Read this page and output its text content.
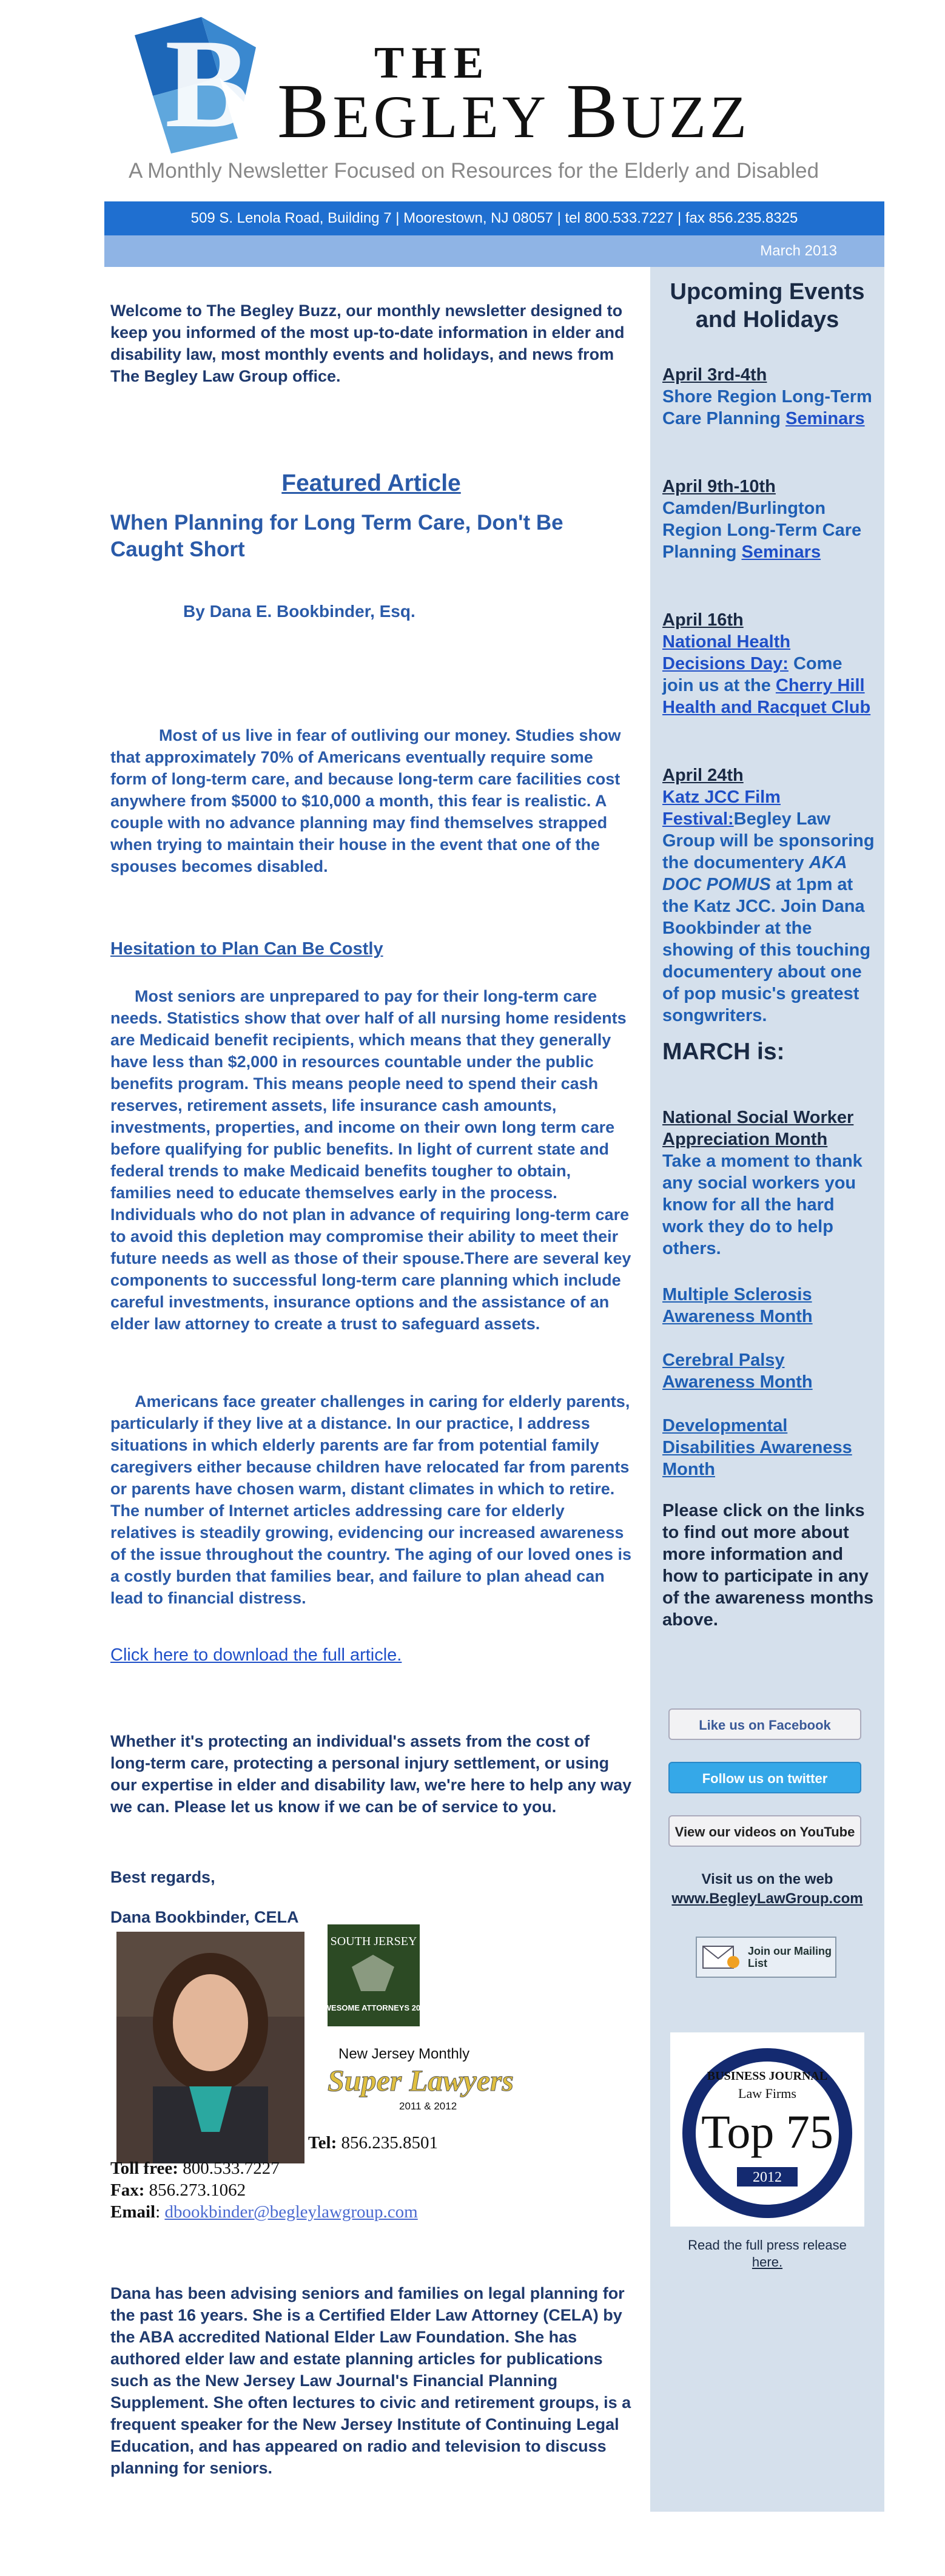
B	THE
BEGLEY BUZZ
A Monthly Newsletter Focused on Resources for the Elderly and Disabled
509 S. Lenola Road, Building 7 | Moorestown, NJ 08057 | tel 800.533.7227 | fax 856.235.8325
March 2013

Welcome to The Begley Buzz, our monthly newsletter designed to keep you informed of the most up-to-date information in elder and disability law, most monthly events and holidays, and news from The Begley Law Group office.

Featured Article
When Planning for Long Term Care, Don't Be Caught Short
By Dana E. Bookbinder, Esq.

Most of us live in fear of outliving our money. Studies show that approximately 70% of Americans eventually require some form of long-term care, and because long-term care facilities cost anywhere from $5000 to $10,000 a month, this fear is realistic. A couple with no advance planning may find themselves strapped when trying to maintain their house in the event that one of the spouses becomes disabled.

Hesitation to Plan Can Be Costly

Most seniors are unprepared to pay for their long-term care needs. Statistics show that over half of all nursing home residents are Medicaid benefit recipients, which means that they generally have less than $2,000 in resources countable under the public benefits program. This means people need to spend their cash reserves, retirement assets, life insurance cash amounts, investments, properties, and income on their own long term care before qualifying for public benefits. In light of current state and federal trends to make Medicaid benefits tougher to obtain, families need to educate themselves early in the process. Individuals who do not plan in advance of requiring long-term care to avoid this depletion may compromise their ability to meet their future needs as well as those of their spouse.There are several key components to successful long-term care planning which include careful investments, insurance options and the assistance of an elder law attorney to create a trust to safeguard assets.

Americans face greater challenges in caring for elderly parents, particularly if they live at a distance. In our practice, I address situations in which elderly parents are far from potential family caregivers either because children have relocated far from parents or parents have chosen warm, distant climates in which to retire. The number of Internet articles addressing care for elderly relatives is steadily growing, evidencing our increased awareness of the issue throughout the country. The aging of our loved ones is a costly burden that families bear, and failure to plan ahead can lead to financial distress.

Click here to download the full article.

Whether it's protecting an individual's assets from the cost of long-term care, protecting a personal injury settlement, or using our expertise in elder and disability law, we're here to help any way we can. Please let us know if we can be of service to you.

Best regards,
Dana Bookbinder, CELA
SOUTH JERSEY
AWESOME ATTORNEYS 2011
New Jersey Monthly
Super Lawyers
2011 & 2012
Tel: 856.235.8501
Toll free: 800.533.7227
Fax: 856.273.1062
Email: dbookbinder@begleylawgroup.com

Dana has been advising seniors and families on legal planning for the past 16 years. She is a Certified Elder Law Attorney (CELA) by the ABA accredited National Elder Law Foundation. She has authored elder law and estate planning articles for publications such as the New Jersey Law Journal's Financial Planning Supplement. She often lectures to civic and retirement groups, is a frequent speaker for the New Jersey Institute of Continuing Legal Education, and has appeared on radio and television to discuss planning for seniors.

Upcoming Events and Holidays
April 3rd-4th
Shore Region Long-Term Care Planning Seminars
April 9th-10th
Camden/Burlington Region Long-Term Care Planning Seminars
April 16th
National Health Decisions Day: Come join us at the Cherry Hill Health and Racquet Club
April 24th
Katz JCC Film Festival:Begley Law Group will be sponsoring the documentery AKA DOC POMUS at 1pm at the Katz JCC. Join Dana Bookbinder at the showing of this touching documentery about one of pop music's greatest songwriters.
MARCH is:
National Social Worker Appreciation Month
Take a moment to thank any social workers you know for all the hard work they do to help others.
Multiple Sclerosis Awareness Month
Cerebral Palsy Awareness Month
Developmental Disabilities Awareness Month

Please click on the links to find out more about more information and how to participate in any of the awareness months above.

Like us on Facebook
Follow us on twitter
View our videos on YouTube
Visit us on the web
www.BegleyLawGroup.com
Join our Mailing List
BUSINESS JOURNAL
Law Firms
Top 75
2012
Read the full press release
here.
